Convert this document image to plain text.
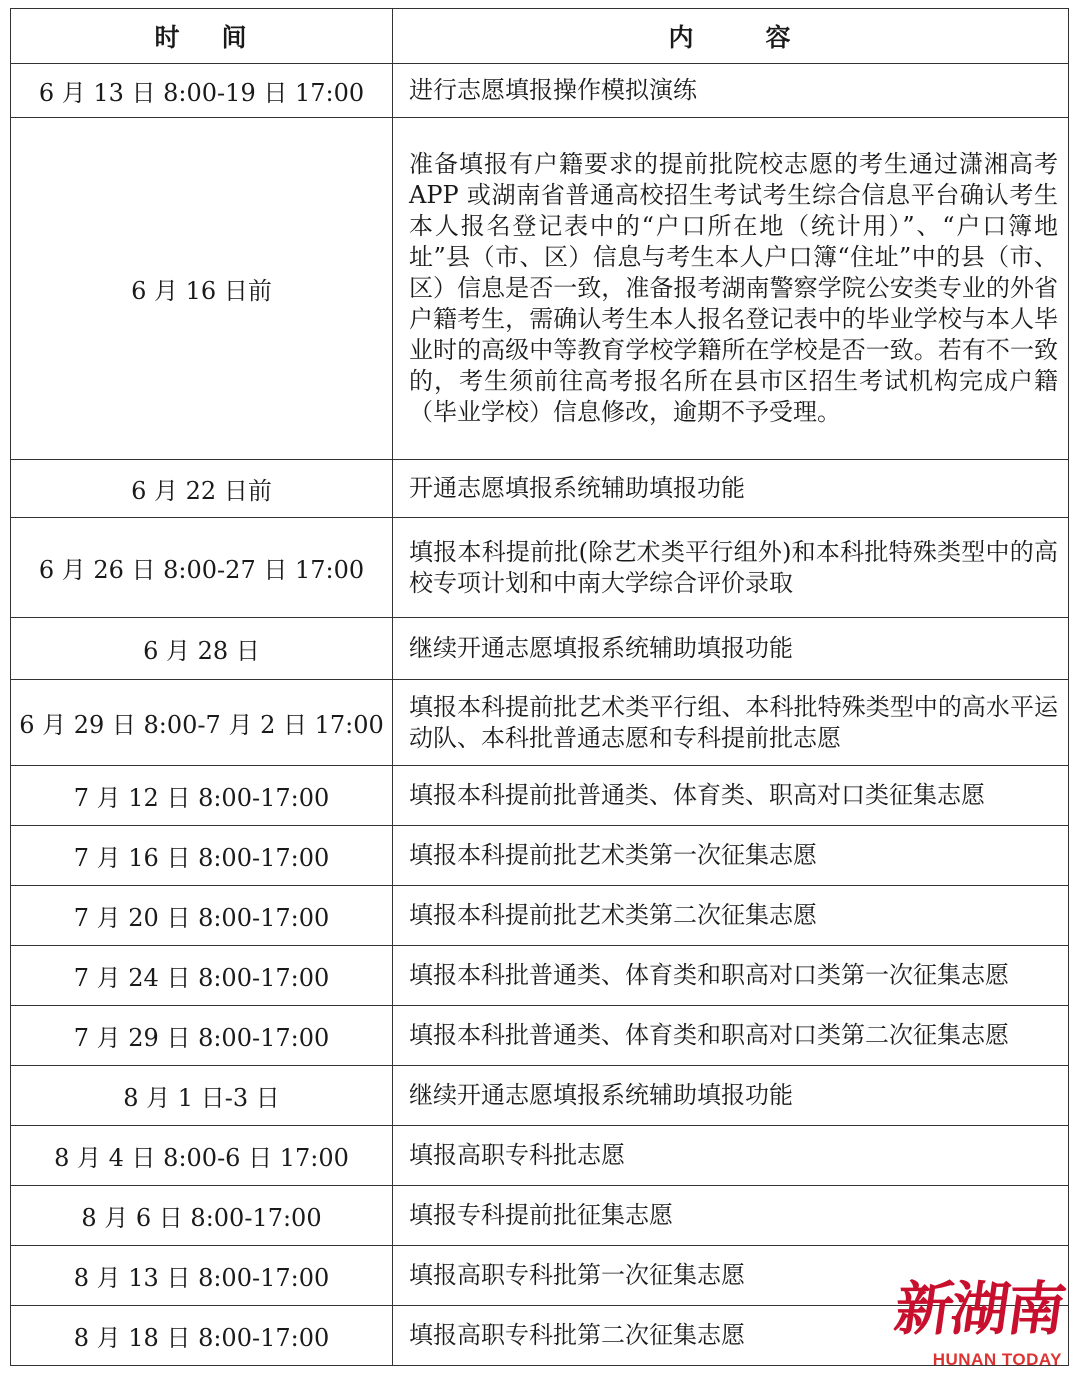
时 间	内 容
6 月 13 日 8:00-19 日 17:00	进行志愿填报操作模拟演练
6 月 16 日前	准备填报有户籍要求的提前批院校志愿的考生通过潇湘高考 APP 或湖南省普通高校招生考试考生综合信息平台确认考生本人报名登记表中的“户口所在地（统计用）”、“户口簿地址”县（市、区）信息与考生本人户口簿“住址”中的县（市、区）信息是否一致，准备报考湖南警察学院公安类专业的外省户籍考生，需确认考生本人报名登记表中的毕业学校与本人毕业时的高级中等教育学校学籍所在学校是否一致。若有不一致的，考生须前往高考报名所在县市区招生考试机构完成户籍（毕业学校）信息修改，逾期不予受理。
6 月 22 日前	开通志愿填报系统辅助填报功能
6 月 26 日 8:00-27 日 17:00	填报本科提前批(除艺术类平行组外)和本科批特殊类型中的高校专项计划和中南大学综合评价录取
6 月 28 日	继续开通志愿填报系统辅助填报功能
6 月 29 日 8:00-7 月 2 日 17:00	填报本科提前批艺术类平行组、本科批特殊类型中的高水平运动队、本科批普通志愿和专科提前批志愿
7 月 12 日 8:00-17:00	填报本科提前批普通类、体育类、职高对口类征集志愿
7 月 16 日 8:00-17:00	填报本科提前批艺术类第一次征集志愿
7 月 20 日 8:00-17:00	填报本科提前批艺术类第二次征集志愿
7 月 24 日 8:00-17:00	填报本科批普通类、体育类和职高对口类第一次征集志愿
7 月 29 日 8:00-17:00	填报本科批普通类、体育类和职高对口类第二次征集志愿
8 月 1 日-3 日	继续开通志愿填报系统辅助填报功能
8 月 4 日 8:00-6 日 17:00	填报高职专科批志愿
8 月 6 日 8:00-17:00	填报专科提前批征集志愿
8 月 13 日 8:00-17:00	填报高职专科批第一次征集志愿
8 月 18 日 8:00-17:00	填报高职专科批第二次征集志愿	新湖南
HUNAN TODAY
